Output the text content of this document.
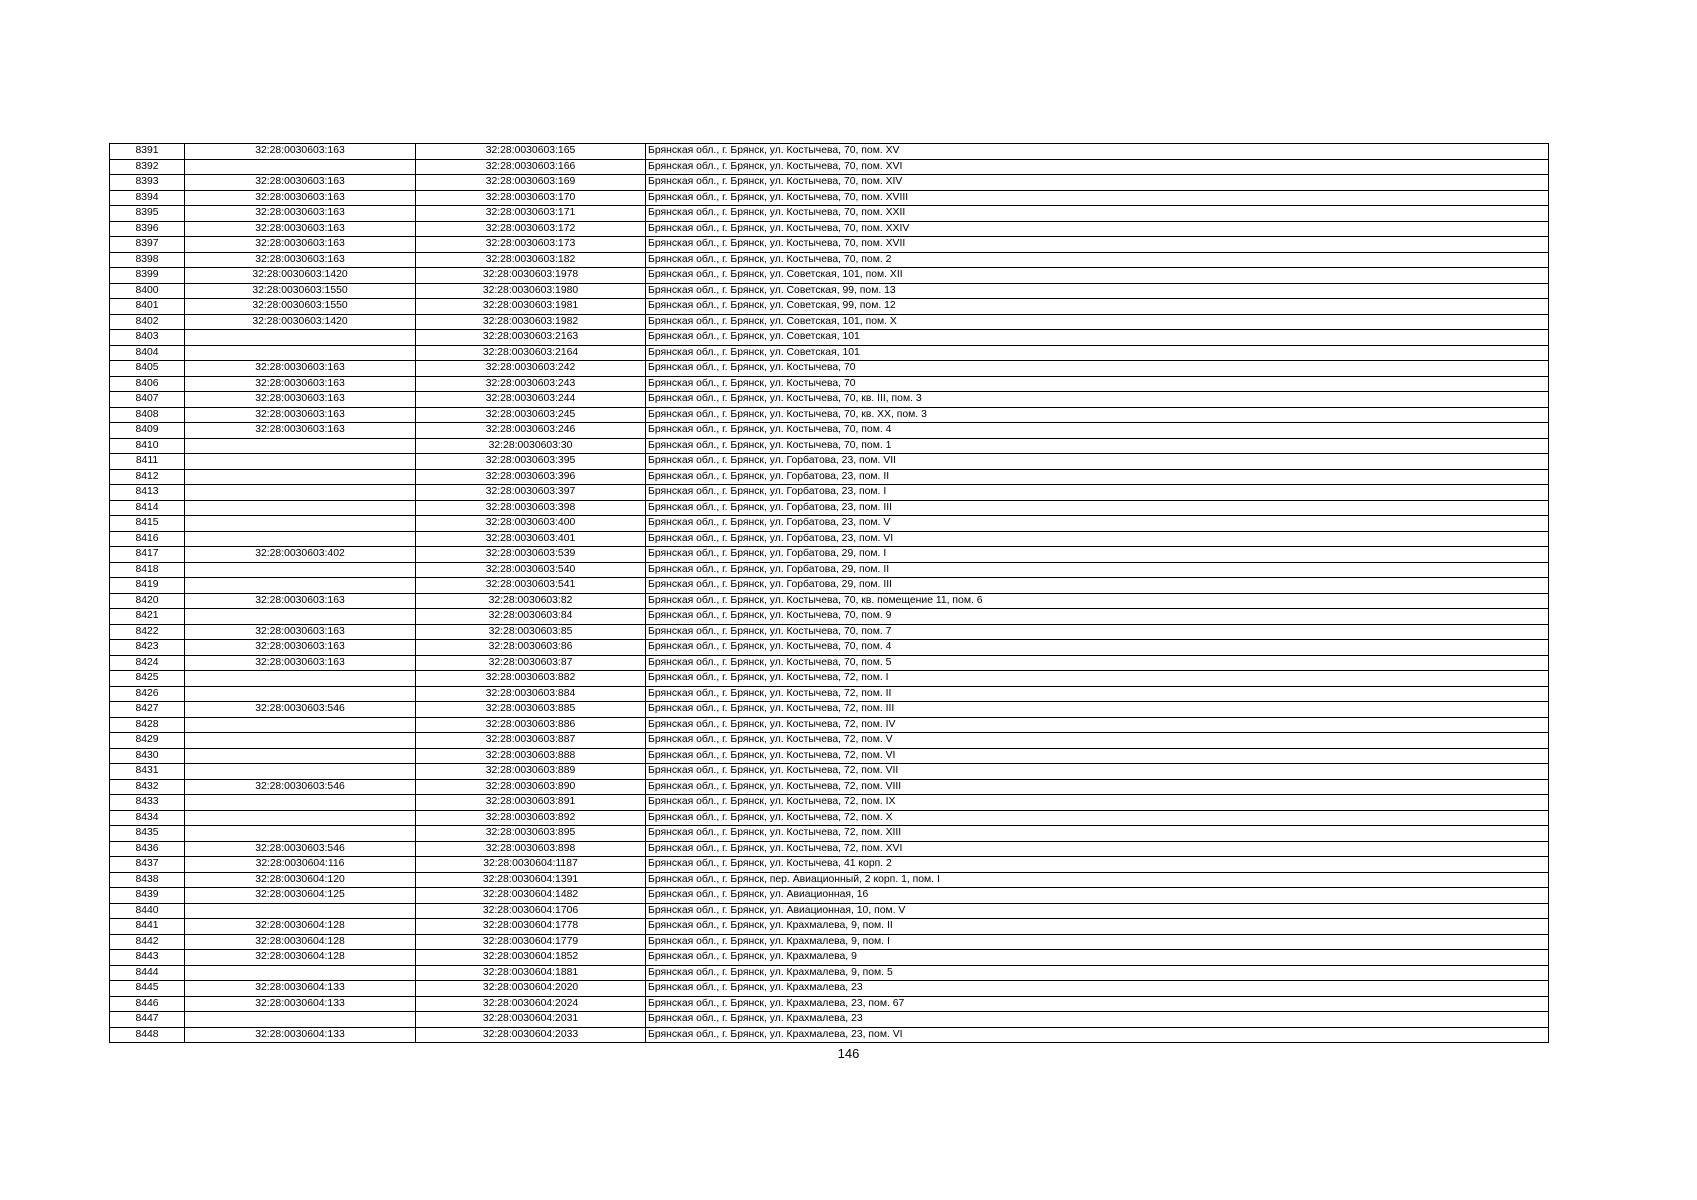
8391	32:28:0030603:163	32:28:0030603:165	Брянская обл., г. Брянск, ул. Костычева, 70, пом. XV
8392		32:28:0030603:166	Брянская обл., г. Брянск, ул. Костычева, 70, пом. XVI
8393	32:28:0030603:163	32:28:0030603:169	Брянская обл., г. Брянск, ул. Костычева, 70, пом. XIV
8394	32:28:0030603:163	32:28:0030603:170	Брянская обл., г. Брянск, ул. Костычева, 70, пом. XVIII
8395	32:28:0030603:163	32:28:0030603:171	Брянская обл., г. Брянск, ул. Костычева, 70, пом. XXII
8396	32:28:0030603:163	32:28:0030603:172	Брянская обл., г. Брянск, ул. Костычева, 70, пом. XXIV
8397	32:28:0030603:163	32:28:0030603:173	Брянская обл., г. Брянск, ул. Костычева, 70, пом. XVII
8398	32:28:0030603:163	32:28:0030603:182	Брянская обл., г. Брянск, ул. Костычева, 70, пом. 2
8399	32:28:0030603:1420	32:28:0030603:1978	Брянская обл., г. Брянск, ул. Советская, 101, пом. XII
8400	32:28:0030603:1550	32:28:0030603:1980	Брянская обл., г. Брянск, ул. Советская, 99, пом. 13
8401	32:28:0030603:1550	32:28:0030603:1981	Брянская обл., г. Брянск, ул. Советская, 99, пом. 12
8402	32:28:0030603:1420	32:28:0030603:1982	Брянская обл., г. Брянск, ул. Советская, 101, пом. X
8403		32:28:0030603:2163	Брянская обл., г. Брянск, ул. Советская, 101
8404		32:28:0030603:2164	Брянская обл., г. Брянск, ул. Советская, 101
8405	32:28:0030603:163	32:28:0030603:242	Брянская обл., г. Брянск, ул. Костычева, 70
8406	32:28:0030603:163	32:28:0030603:243	Брянская обл., г. Брянск, ул. Костычева, 70
8407	32:28:0030603:163	32:28:0030603:244	Брянская обл., г. Брянск, ул. Костычева, 70, кв. III, пом. 3
8408	32:28:0030603:163	32:28:0030603:245	Брянская обл., г. Брянск, ул. Костычева, 70, кв. XX, пом. 3
8409	32:28:0030603:163	32:28:0030603:246	Брянская обл., г. Брянск, ул. Костычева, 70, пом. 4
8410		32:28:0030603:30	Брянская обл., г. Брянск, ул. Костычева, 70, пом. 1
8411		32:28:0030603:395	Брянская обл., г. Брянск, ул. Горбатова, 23, пом. VII
8412		32:28:0030603:396	Брянская обл., г. Брянск, ул. Горбатова, 23, пом. II
8413		32:28:0030603:397	Брянская обл., г. Брянск, ул. Горбатова, 23, пом. I
8414		32:28:0030603:398	Брянская обл., г. Брянск, ул. Горбатова, 23, пом. III
8415		32:28:0030603:400	Брянская обл., г. Брянск, ул. Горбатова, 23, пом. V
8416		32:28:0030603:401	Брянская обл., г. Брянск, ул. Горбатова, 23, пом. VI
8417	32:28:0030603:402	32:28:0030603:539	Брянская обл., г. Брянск, ул. Горбатова, 29, пом. I
8418		32:28:0030603:540	Брянская обл., г. Брянск, ул. Горбатова, 29, пом. II
8419		32:28:0030603:541	Брянская обл., г. Брянск, ул. Горбатова, 29, пом. III
8420	32:28:0030603:163	32:28:0030603:82	Брянская обл., г. Брянск, ул. Костычева, 70, кв. помещение 11, пом. 6
8421		32:28:0030603:84	Брянская обл., г. Брянск, ул. Костычева, 70, пом. 9
8422	32:28:0030603:163	32:28:0030603:85	Брянская обл., г. Брянск, ул. Костычева, 70, пом. 7
8423	32:28:0030603:163	32:28:0030603:86	Брянская обл., г. Брянск, ул. Костычева, 70, пом. 4
8424	32:28:0030603:163	32:28:0030603:87	Брянская обл., г. Брянск, ул. Костычева, 70, пом. 5
8425		32:28:0030603:882	Брянская обл., г. Брянск, ул. Костычева, 72, пом. I
8426		32:28:0030603:884	Брянская обл., г. Брянск, ул. Костычева, 72, пом. II
8427	32:28:0030603:546	32:28:0030603:885	Брянская обл., г. Брянск, ул. Костычева, 72, пом. III
8428		32:28:0030603:886	Брянская обл., г. Брянск, ул. Костычева, 72, пом. IV
8429		32:28:0030603:887	Брянская обл., г. Брянск, ул. Костычева, 72, пом. V
8430		32:28:0030603:888	Брянская обл., г. Брянск, ул. Костычева, 72, пом. VI
8431		32:28:0030603:889	Брянская обл., г. Брянск, ул. Костычева, 72, пом. VII
8432	32:28:0030603:546	32:28:0030603:890	Брянская обл., г. Брянск, ул. Костычева, 72, пом. VIII
8433		32:28:0030603:891	Брянская обл., г. Брянск, ул. Костычева, 72, пом. IX
8434		32:28:0030603:892	Брянская обл., г. Брянск, ул. Костычева, 72, пом. X
8435		32:28:0030603:895	Брянская обл., г. Брянск, ул. Костычева, 72, пом. XIII
8436	32:28:0030603:546	32:28:0030603:898	Брянская обл., г. Брянск, ул. Костычева, 72, пом. XVI
8437	32:28:0030604:116	32:28:0030604:1187	Брянская обл., г. Брянск, ул. Костычева, 41 корп. 2
8438	32:28:0030604:120	32:28:0030604:1391	Брянская обл., г. Брянск, пер. Авиационный, 2 корп. 1, пом. I
8439	32:28:0030604:125	32:28:0030604:1482	Брянская обл., г. Брянск, ул. Авиационная, 16
8440		32:28:0030604:1706	Брянская обл., г. Брянск, ул. Авиационная, 10, пом. V
8441	32:28:0030604:128	32:28:0030604:1778	Брянская обл., г. Брянск, ул. Крахмалева, 9, пом. II
8442	32:28:0030604:128	32:28:0030604:1779	Брянская обл., г. Брянск, ул. Крахмалева, 9, пом. I
8443	32:28:0030604:128	32:28:0030604:1852	Брянская обл., г. Брянск, ул. Крахмалева, 9
8444		32:28:0030604:1881	Брянская обл., г. Брянск, ул. Крахмалева, 9, пом. 5
8445	32:28:0030604:133	32:28:0030604:2020	Брянская обл., г. Брянск, ул. Крахмалева, 23
8446	32:28:0030604:133	32:28:0030604:2024	Брянская обл., г. Брянск, ул. Крахмалева, 23, пом. 67
8447		32:28:0030604:2031	Брянская обл., г. Брянск, ул. Крахмалева, 23
8448	32:28:0030604:133	32:28:0030604:2033	Брянская обл., г. Брянск, ул. Крахмалева, 23, пом. VI
146
